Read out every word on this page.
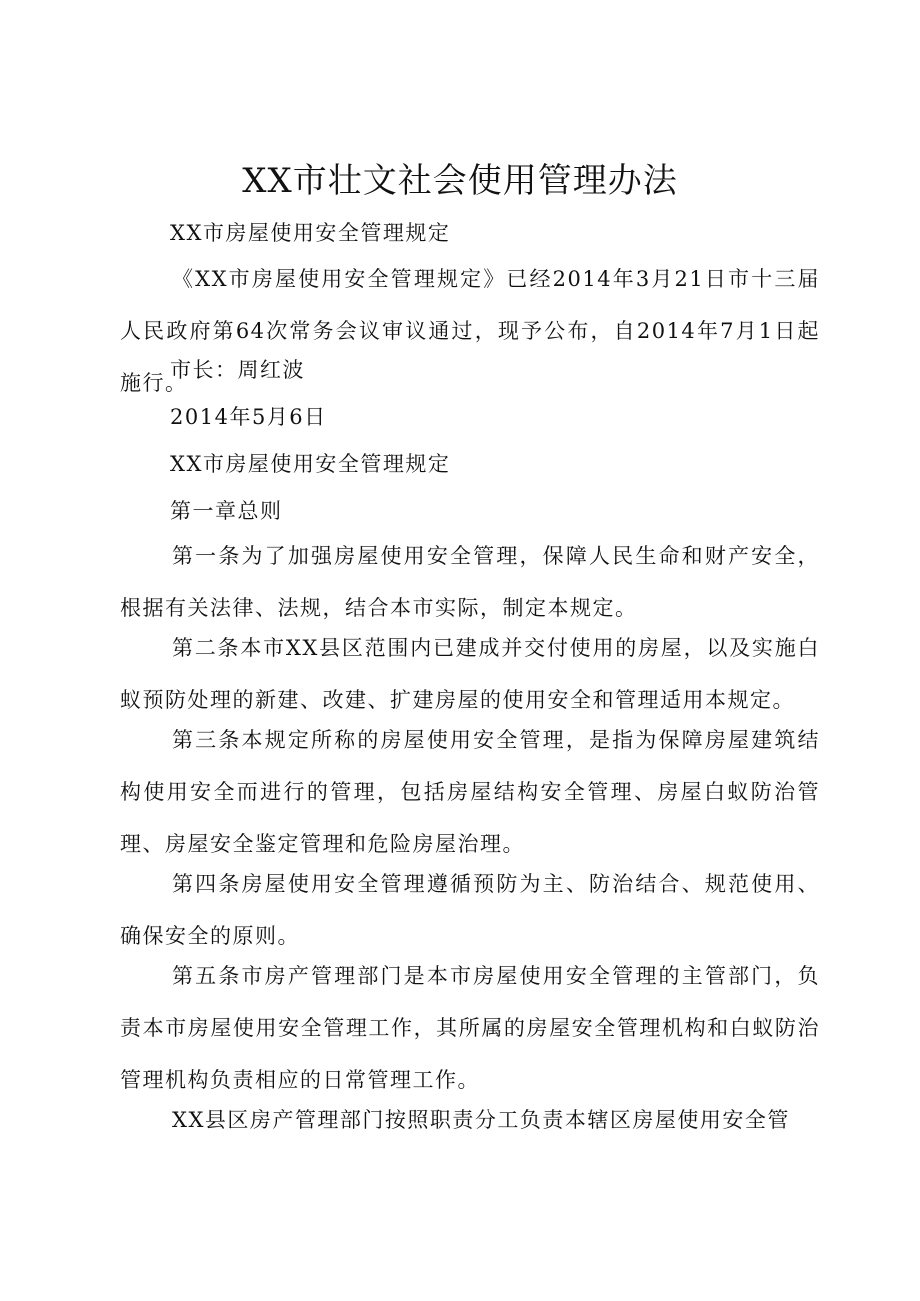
XX市壮文社会使用管理办法

XX市房屋使用安全管理规定

《XX市房屋使用安全管理规定》已经2014年3月21日市十三届人民政府第64次常务会议审议通过，现予公布，自2014年7月1日起施行。

市长：周红波

2014年5月6日

XX市房屋使用安全管理规定

第一章总则

第一条为了加强房屋使用安全管理，保障人民生命和财产安全，根据有关法律、法规，结合本市实际，制定本规定。

第二条本市XX县区范围内已建成并交付使用的房屋，以及实施白蚁预防处理的新建、改建、扩建房屋的使用安全和管理适用本规定。

第三条本规定所称的房屋使用安全管理，是指为保障房屋建筑结构使用安全而进行的管理，包括房屋结构安全管理、房屋白蚁防治管理、房屋安全鉴定管理和危险房屋治理。

第四条房屋使用安全管理遵循预防为主、防治结合、规范使用、确保安全的原则。

第五条市房产管理部门是本市房屋使用安全管理的主管部门，负责本市房屋使用安全管理工作，其所属的房屋安全管理机构和白蚁防治管理机构负责相应的日常管理工作。

XX县区房产管理部门按照职责分工负责本辖区房屋使用安全管
